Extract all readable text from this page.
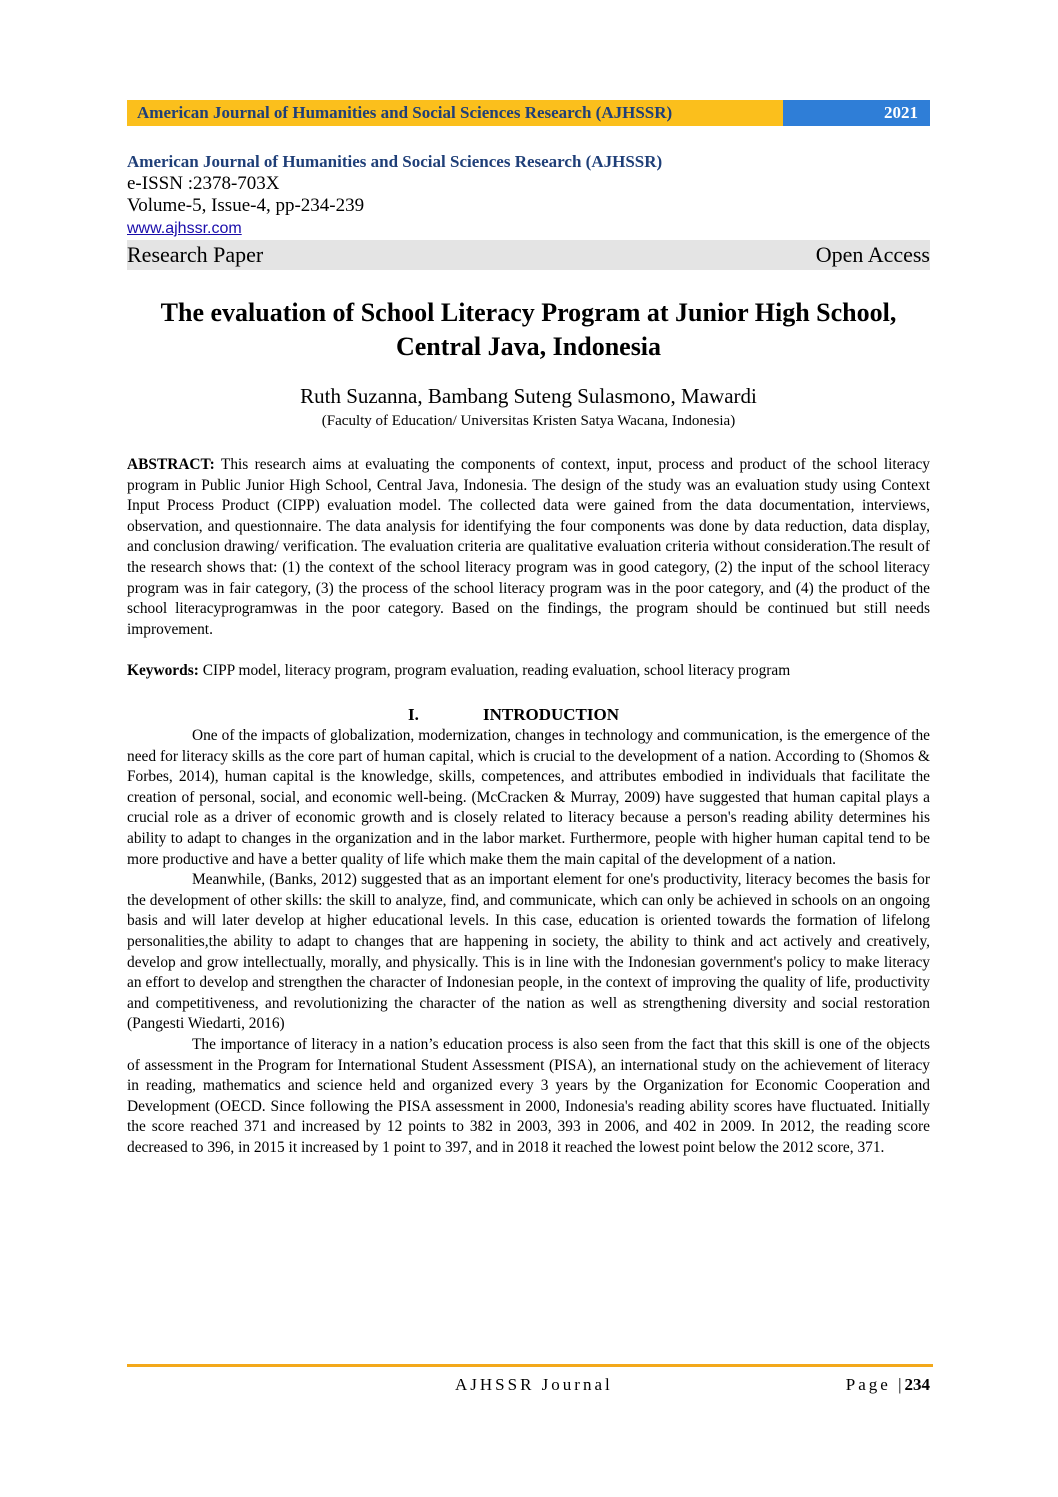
American Journal of Humanities and Social Sciences Research (AJHSSR)	2021
American Journal of Humanities and Social Sciences Research (AJHSSR)
e-ISSN :2378-703X
Volume-5, Issue-4, pp-234-239
www.ajhssr.com
Research Paper	Open Access
The evaluation of School Literacy Program at Junior High School, Central Java, Indonesia
Ruth Suzanna, Bambang Suteng Sulasmono, Mawardi
(Faculty of Education/ Universitas Kristen Satya Wacana, Indonesia)

ABSTRACT: This research aims at evaluating the components of context, input, process and product of the school literacy program in Public Junior High School, Central Java, Indonesia. The design of the study was an evaluation study using Context Input Process Product (CIPP) evaluation model. The collected data were gained from the data documentation, interviews, observation, and questionnaire. The data analysis for identifying the four components was done by data reduction, data display, and conclusion drawing/ verification. The evaluation criteria are qualitative evaluation criteria without consideration.The result of the research shows that: (1) the context of the school literacy program was in good category, (2) the input of the school literacy program was in fair category, (3) the process of the school literacy program was in the poor category, and (4) the product of the school literacyprogramwas in the poor category. Based on the findings, the program should be continued but still needs improvement.

Keywords: CIPP model, literacy program, program evaluation, reading evaluation, school literacy program
I.	INTRODUCTION

One of the impacts of globalization, modernization, changes in technology and communication, is the emergence of the need for literacy skills as the core part of human capital, which is crucial to the development of a nation. According to (Shomos & Forbes, 2014), human capital is the knowledge, skills, competences, and attributes embodied in individuals that facilitate the creation of personal, social, and economic well-being. (McCracken & Murray, 2009) have suggested that human capital plays a crucial role as a driver of economic growth and is closely related to literacy because a person's reading ability determines his ability to adapt to changes in the organization and in the labor market. Furthermore, people with higher human capital tend to be more productive and have a better quality of life which make them the main capital of the development of a nation.

Meanwhile, (Banks, 2012) suggested that as an important element for one's productivity, literacy becomes the basis for the development of other skills: the skill to analyze, find, and communicate, which can only be achieved in schools on an ongoing basis and will later develop at higher educational levels. In this case, education is oriented towards the formation of lifelong personalities,the ability to adapt to changes that are happening in society, the ability to think and act actively and creatively, develop and grow intellectually, morally, and physically. This is in line with the Indonesian government's policy to make literacy an effort to develop and strengthen the character of Indonesian people, in the context of improving the quality of life, productivity and competitiveness, and revolutionizing the character of the nation as well as strengthening diversity and social restoration (Pangesti Wiedarti, 2016)

The importance of literacy in a nation’s education process is also seen from the fact that this skill is one of the objects of assessment in the Program for International Student Assessment (PISA), an international study on the achievement of literacy in reading, mathematics and science held and organized every 3 years by the Organization for Economic Cooperation and Development (OECD. Since following the PISA assessment in 2000, Indonesia's reading ability scores have fluctuated. Initially the score reached 371 and increased by 12 points to 382 in 2003, 393 in 2006, and 402 in 2009. In 2012, the reading score decreased to 396, in 2015 it increased by 1 point to 397, and in 2018 it reached the lowest point below the 2012 score, 371.

AJHSSR Journal	Page |234
